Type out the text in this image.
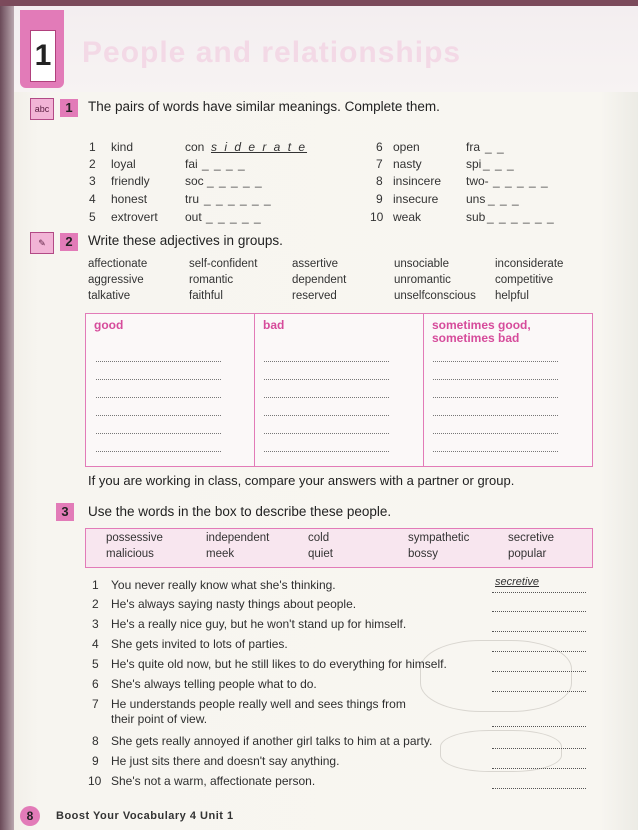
1 People and relationships
abc	1	The pairs of words have similar meanings. Complete them.
1 kind	con s i d e r a t e
2 loyal	fai _ _ _ _
3 friendly	soc _ _ _ _ _
4 honest	tru _ _ _ _ _ _
5 extrovert out _ _ _ _ _
6 open	fra _ _
7 nasty	spi _ _ _
8 insincere two- _ _ _ _ _
9 insecure uns _ _ _
10 weak	sub _ _ _ _ _ _
✎	2	Write these adjectives in groups.
affectionate	self-confident	assertive	unsociable	inconsiderate
aggressive	romantic	dependent	unromantic	competitive
talkative	faithful	reserved	unselfconscious helpful
good	bad	sometimes good,
sometimes bad
If you are working in class, compare your answers with a partner or group.
3	Use the words in the box to describe these people.
possessive	independent	cold	sympathetic	secretive
malicious	meek	quiet	bossy	popular
1 You never really know what she's thinking.	secretive
2 He's always saying nasty things about people.
3 He's a really nice guy, but he won't stand up for himself.
4 She gets invited to lots of parties.
5 He's quite old now, but he still likes to do everything for himself.
6 She's always telling people what to do.
7 He understands people really well and sees things from
their point of view.
8 She gets really annoyed if another girl talks to him at a party.
9 He just sits there and doesn't say anything.
10 She's not a warm, affectionate person.
8	Boost Your Vocabulary 4 Unit 1
